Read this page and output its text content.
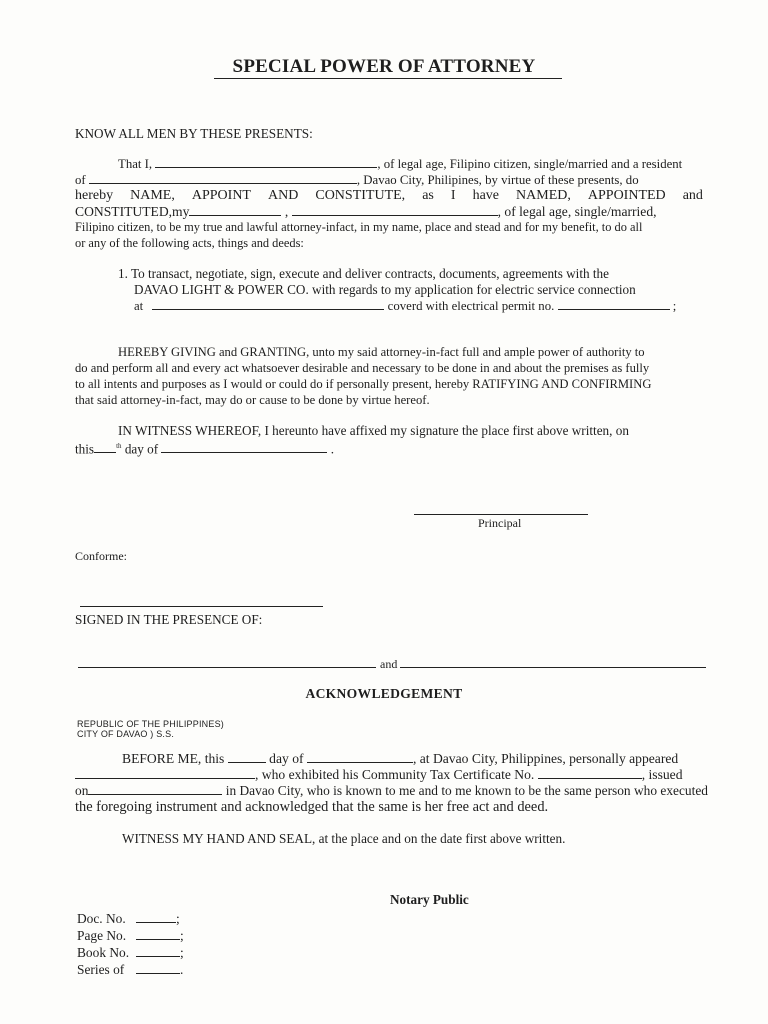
SPECIAL POWER OF ATTORNEY
KNOW ALL MEN BY THESE PRESENTS:
That I,	, of legal age, Filipino citizen, single/married and a resident
of	, Davao City, Philipines, by virtue of these presents, do
hereby NAME, APPOINT AND CONSTITUTE, as I have NAMED, APPOINTED and
CONSTITUTED,my	,	, of legal age, single/married,
Filipino citizen, to be my true and lawful attorney-infact, in my name, place and stead and for my benefit, to do all
or any of the following acts, things and deeds:
1. To transact, negotiate, sign, execute and deliver contracts, documents, agreements with the
DAVAO LIGHT & POWER CO. with regards to my application for electric service connection
at	coverd with electrical permit no.	;
HEREBY GIVING and GRANTING, unto my said attorney-in-fact full and ample power of authority to
do and perform all and every act whatsoever desirable and necessary to be done in and about the premises as fully
to all intents and purposes as I would or could do if personally present, hereby RATIFYING AND CONFIRMING
that said attorney-in-fact, may do or cause to be done by virtue hereof.
IN WITNESS WHEREOF, I hereunto have affixed my signature the place first above written, on
this	$^{th}$ day of	.
Principal
Conforme:
SIGNED IN THE PRESENCE OF:
and
ACKNOWLEDGEMENT
REPUBLIC OF THE PHILIPPINES)
CITY OF DAVAO ) S.S.
BEFORE ME, this	day of	, at Davao City, Philippines, personally appeared
, who exhibited his Community Tax Certificate No.	, issued
on	in Davao City, who is known to me and to me known to be the same person who executed
the foregoing instrument and acknowledged that the same is her free act and deed.
WITNESS MY HAND AND SEAL, at the place and on the date first above written.
Notary Public
Doc. No.	;
Page No.	;
Book No.	;
Series of	.
